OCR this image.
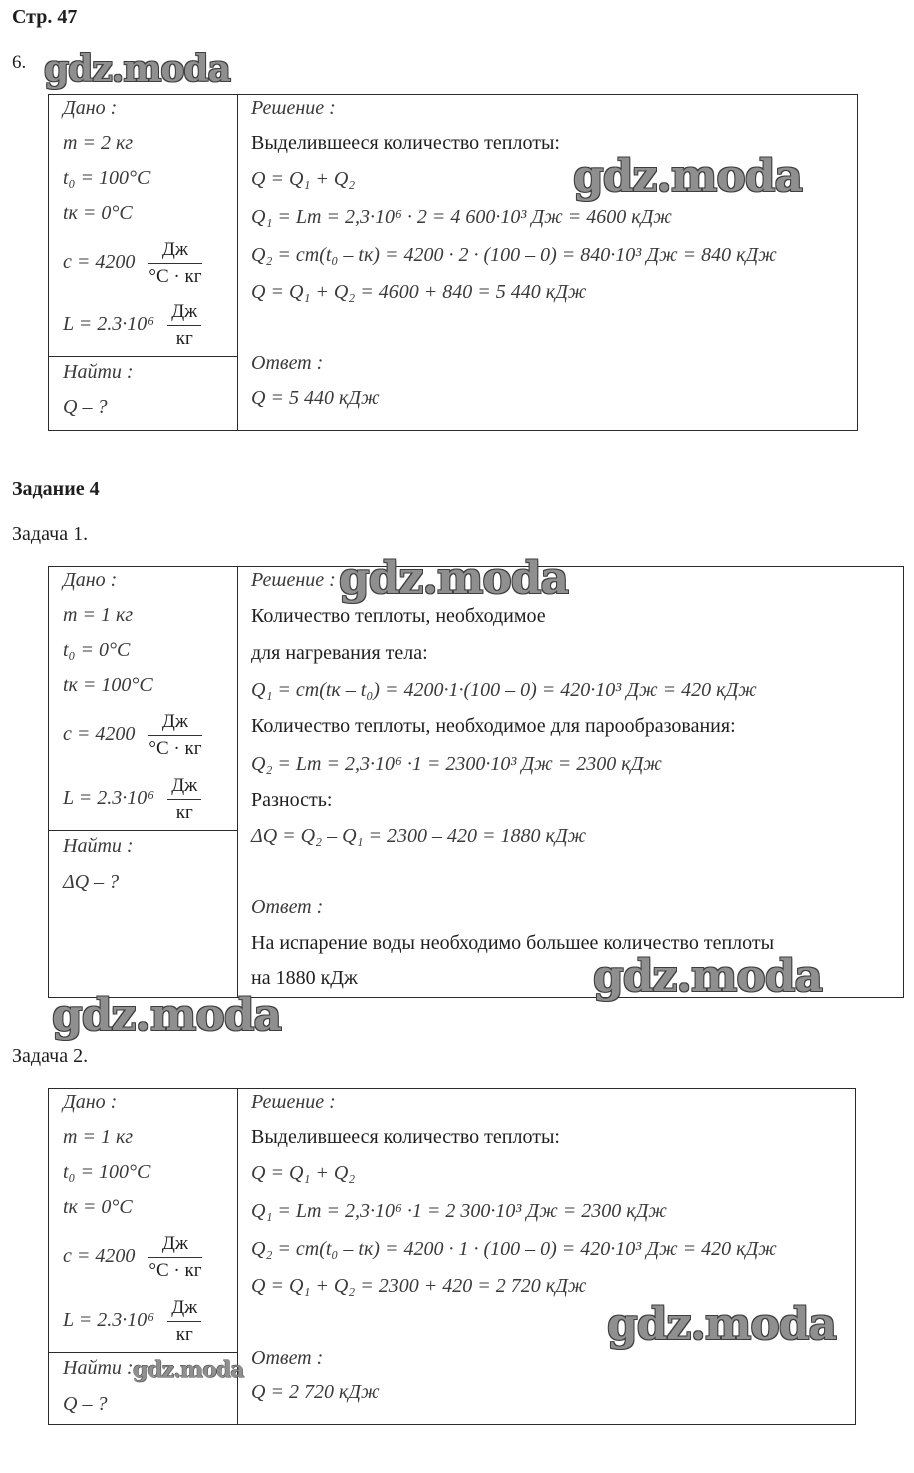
Стр. 47
6. gdz.moda
Дано :
m = 2 кг
t₀ = 100°C
tк = 0°C
$c = 4200 \frac{Дж}{^\circ C \cdot кг}$
$L = 2.3\cdot 10^6 \frac{Дж}{кг}$
Найти :
Q – ?
Решение :
Выделившееся количество теплоты:
Q = Q₁ + Q₂
Q₁ = Lm = 2,3·10⁶ · 2 = 4 600·10³ Дж = 4600 кДж
Q₂ = cm(t₀ – tк) = 4200 · 2 · (100 – 0) = 840·10³ Дж = 840 кДж
Q = Q₁ + Q₂ = 4600 + 840 = 5 440 кДж
Ответ :
Q = 5 440 кДж
gdz.moda
Задание 4
Задача 1.
Дано :
m = 1 кг
t₀ = 0°C
tк = 100°C
$c = 4200 \frac{Дж}{^\circ C \cdot кг}$
$L = 2.3\cdot 10^6 \frac{Дж}{кг}$
Найти :
ΔQ – ?
Решение :
Количество теплоты, необходимое
для нагревания тела:
Q₁ = cm(tк – t₀) = 4200·1·(100 – 0) = 420·10³ Дж = 420 кДж
Количество теплоты, необходимое для парообразования:
Q₂ = Lm = 2,3·10⁶ ·1 = 2300·10³ Дж = 2300 кДж
Разность:
ΔQ = Q₂ – Q₁ = 2300 – 420 = 1880 кДж
Ответ :
На испарение воды необходимо большее количество теплоты
на 1880 кДж
gdz.moda
gdz.moda
gdz.moda
Задача 2.
Дано :
m = 1 кг
t₀ = 100°C
tк = 0°C
$c = 4200 \frac{Дж}{^\circ C \cdot кг}$
$L = 2.3\cdot 10^6 \frac{Дж}{кг}$
Найти :
Q – ?
Решение :
Выделившееся количество теплоты:
Q = Q₁ + Q₂
Q₁ = Lm = 2,3·10⁶ ·1 = 2 300·10³ Дж = 2300 кДж
Q₂ = cm(t₀ – tк) = 4200 · 1 · (100 – 0) = 420·10³ Дж = 420 кДж
Q = Q₁ + Q₂ = 2300 + 420 = 2 720 кДж
Ответ :
Q = 2 720 кДж
gdz.moda
gdz.moda
